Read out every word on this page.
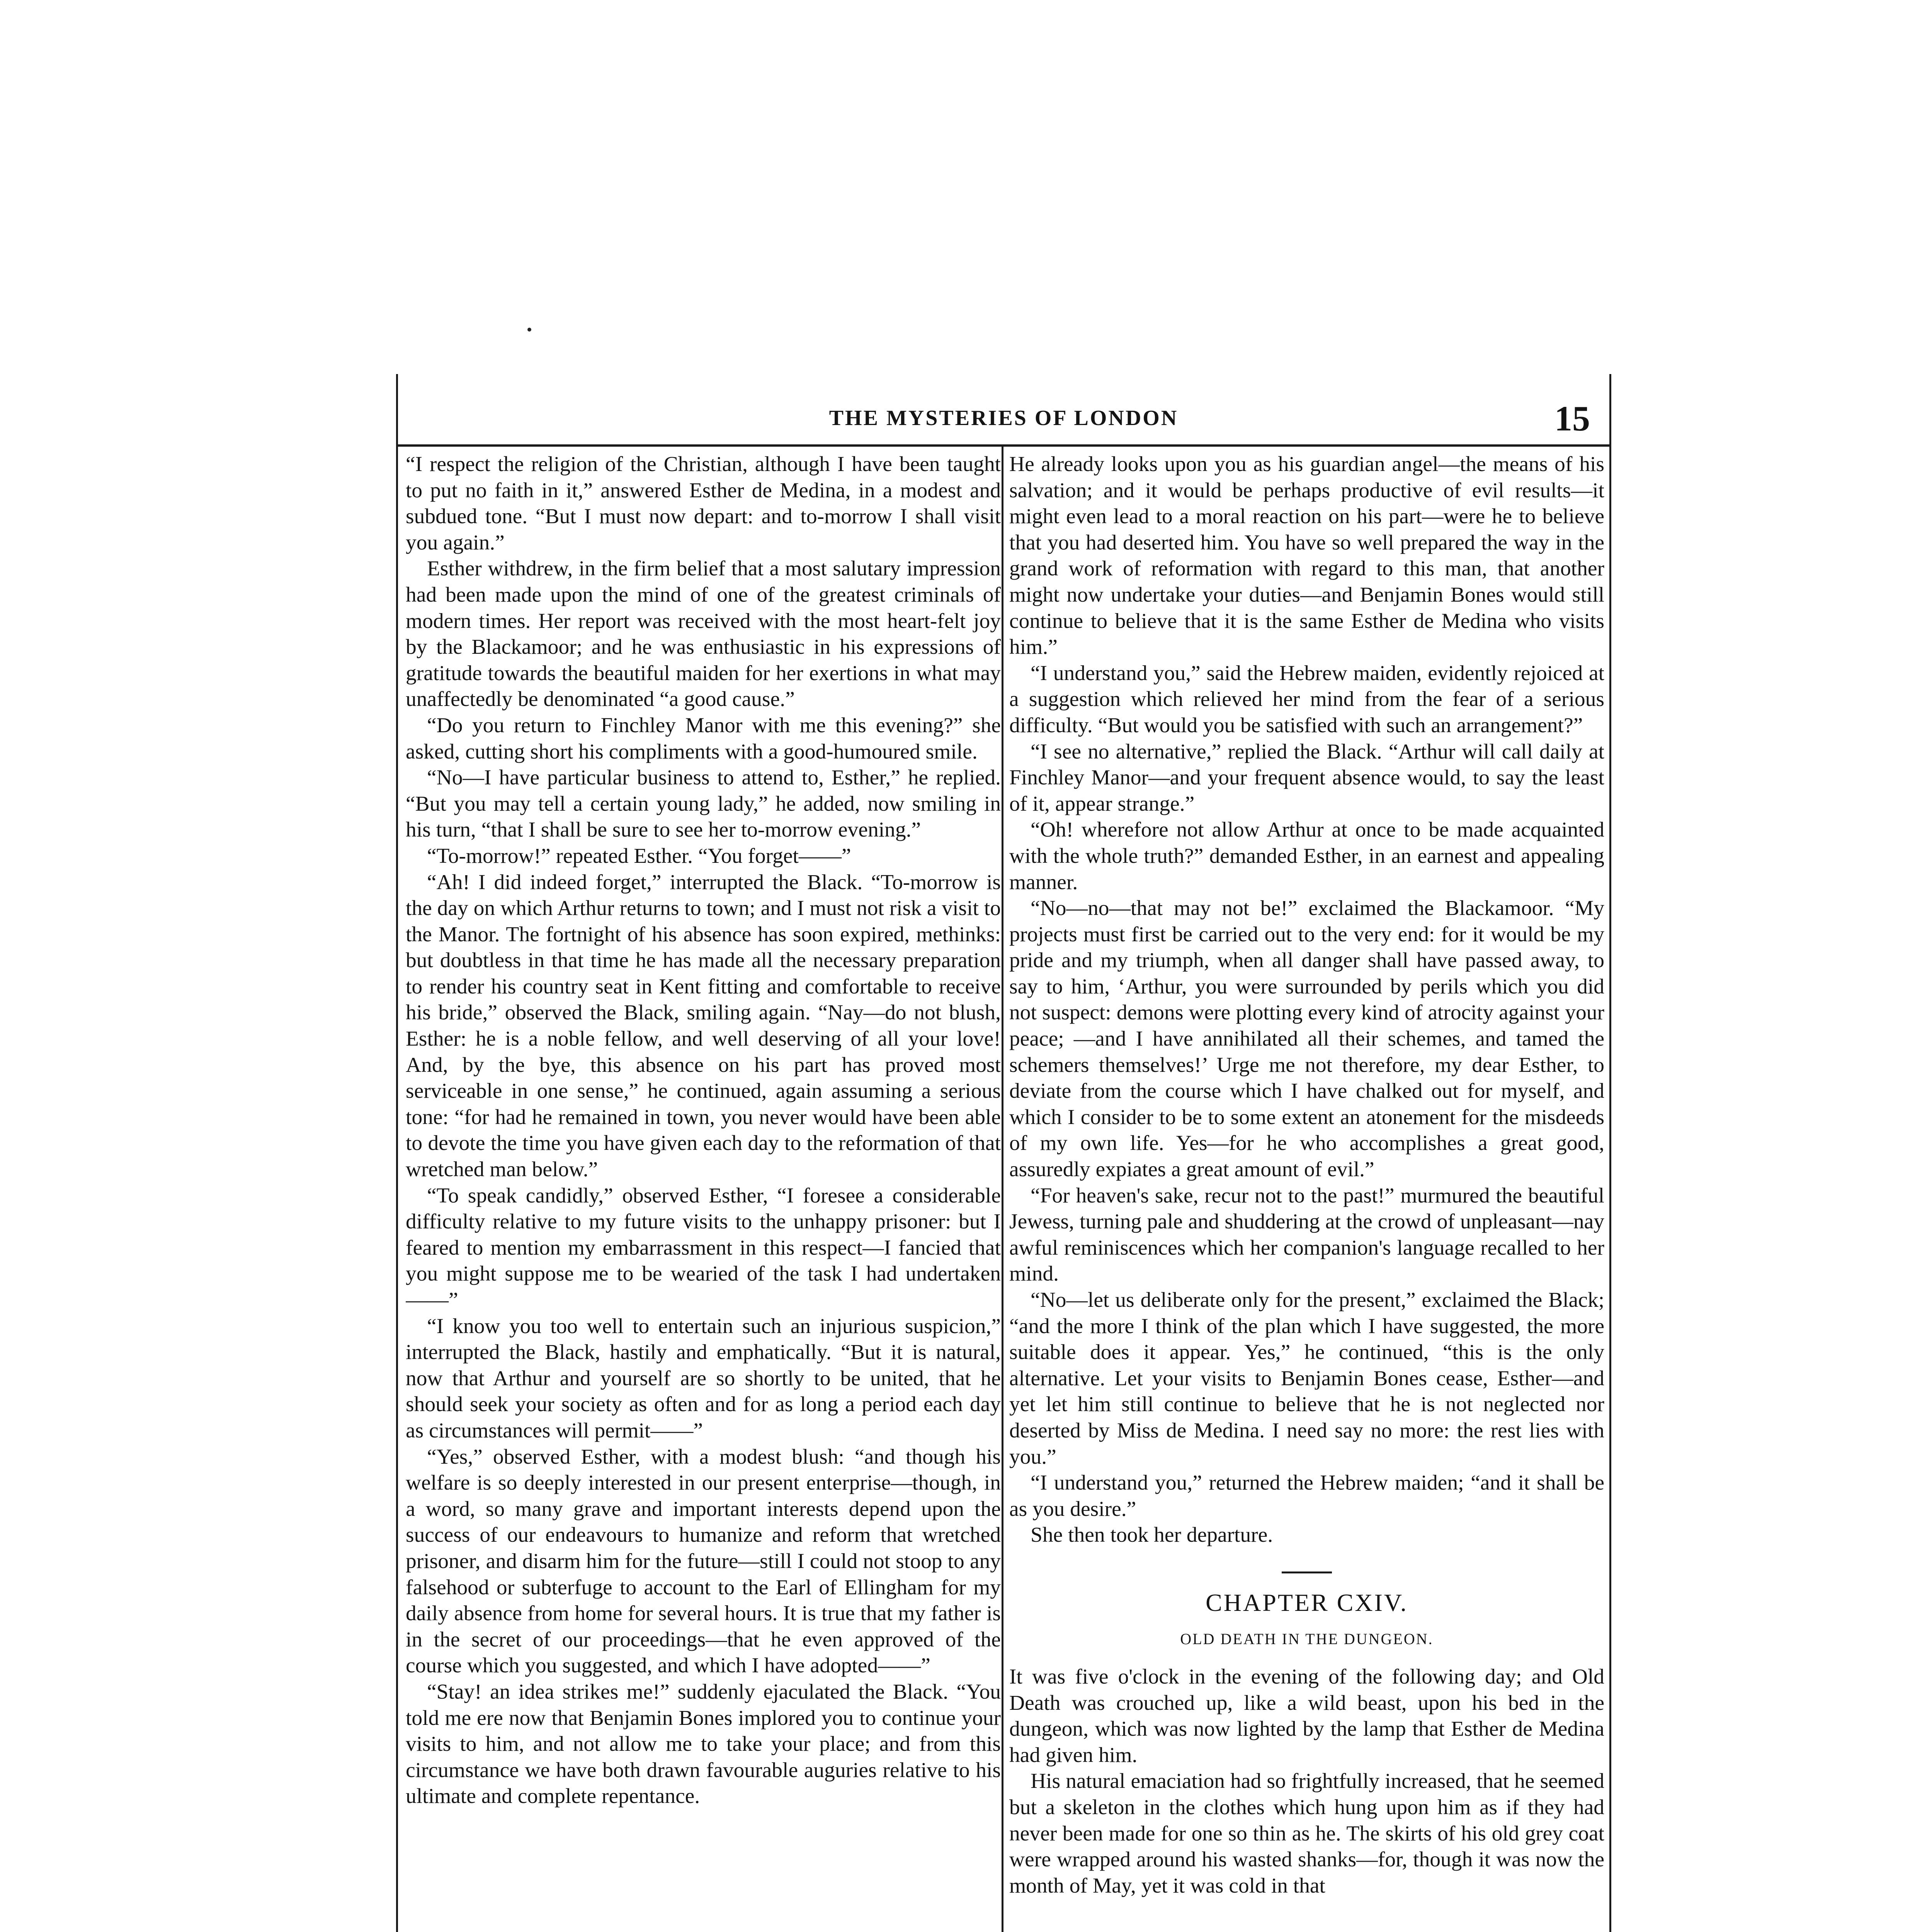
THE MYSTERIES OF LONDON	15

“I respect the religion of the Christian, although I have been taught to put no faith in it,” answered Esther de Medina, in a modest and subdued tone. “But I must now depart: and to-morrow I shall visit you again.”

Esther withdrew, in the firm belief that a most salutary impression had been made upon the mind of one of the greatest criminals of modern times. Her report was received with the most heart-felt joy by the Blackamoor; and he was enthusiastic in his expressions of gratitude towards the beautiful maiden for her exertions in what may unaffectedly be denominated “a good cause.”

“Do you return to Finchley Manor with me this evening?” she asked, cutting short his compliments with a good-humoured smile.

“No—I have particular business to attend to, Esther,” he replied. “But you may tell a certain young lady,” he added, now smiling in his turn, “that I shall be sure to see her to-morrow evening.”

“To-morrow!” repeated Esther. “You forget——”

“Ah! I did indeed forget,” interrupted the Black. “To-morrow is the day on which Arthur returns to town; and I must not risk a visit to the Manor. The fortnight of his absence has soon expired, methinks: but doubtless in that time he has made all the necessary preparation to render his country seat in Kent fitting and comfortable to receive his bride,” observed the Black, smiling again. “Nay—do not blush, Esther: he is a noble fellow, and well deserving of all your love! And, by the bye, this absence on his part has proved most serviceable in one sense,” he continued, again assuming a serious tone: “for had he remained in town, you never would have been able to devote the time you have given each day to the reformation of that wretched man below.”

“To speak candidly,” observed Esther, “I foresee a considerable difficulty relative to my future visits to the unhappy prisoner: but I feared to mention my embarrassment in this respect—I fancied that you might suppose me to be wearied of the task I had undertaken——”

“I know you too well to entertain such an injurious suspicion,” interrupted the Black, hastily and emphatically. “But it is natural, now that Arthur and yourself are so shortly to be united, that he should seek your society as often and for as long a period each day as circumstances will permit——”

“Yes,” observed Esther, with a modest blush: “and though his welfare is so deeply interested in our present enterprise—though, in a word, so many grave and important interests depend upon the success of our endeavours to humanize and reform that wretched prisoner, and disarm him for the future—still I could not stoop to any falsehood or subterfuge to account to the Earl of Ellingham for my daily absence from home for several hours. It is true that my father is in the secret of our proceedings—that he even approved of the course which you suggested, and which I have adopted——”

“Stay! an idea strikes me!” suddenly ejaculated the Black. “You told me ere now that Benjamin Bones implored you to continue your visits to him, and not allow me to take your place; and from this circumstance we have both drawn favourable auguries relative to his ultimate and complete repentance.

He already looks upon you as his guardian angel—the means of his salvation; and it would be perhaps productive of evil results—it might even lead to a moral reaction on his part—were he to believe that you had deserted him. You have so well prepared the way in the grand work of reformation with regard to this man, that another might now undertake your duties—and Benjamin Bones would still continue to believe that it is the same Esther de Medina who visits him.”

“I understand you,” said the Hebrew maiden, evidently rejoiced at a suggestion which relieved her mind from the fear of a serious difficulty. “But would you be satisfied with such an arrangement?”

“I see no alternative,” replied the Black. “Arthur will call daily at Finchley Manor—and your frequent absence would, to say the least of it, appear strange.”

“Oh! wherefore not allow Arthur at once to be made acquainted with the whole truth?” demanded Esther, in an earnest and appealing manner.

“No—no—that may not be!” exclaimed the Blackamoor. “My projects must first be carried out to the very end: for it would be my pride and my triumph, when all danger shall have passed away, to say to him, ‘Arthur, you were surrounded by perils which you did not suspect: demons were plotting every kind of atrocity against your peace; —and I have annihilated all their schemes, and tamed the schemers themselves!’ Urge me not therefore, my dear Esther, to deviate from the course which I have chalked out for myself, and which I consider to be to some extent an atonement for the misdeeds of my own life. Yes—for he who accomplishes a great good, assuredly expiates a great amount of evil.”

“For heaven's sake, recur not to the past!” murmured the beautiful Jewess, turning pale and shuddering at the crowd of unpleasant—nay awful reminiscences which her companion's language recalled to her mind.

“No—let us deliberate only for the present,” exclaimed the Black; “and the more I think of the plan which I have suggested, the more suitable does it appear. Yes,” he continued, “this is the only alternative. Let your visits to Benjamin Bones cease, Esther—and yet let him still continue to believe that he is not neglected nor deserted by Miss de Medina. I need say no more: the rest lies with you.”

“I understand you,” returned the Hebrew maiden; “and it shall be as you desire.”

She then took her departure.

CHAPTER CXIV.
OLD DEATH IN THE DUNGEON.

It was five o'clock in the evening of the following day; and Old Death was crouched up, like a wild beast, upon his bed in the dungeon, which was now lighted by the lamp that Esther de Medina had given him.

His natural emaciation had so frightfully increased, that he seemed but a skeleton in the clothes which hung upon him as if they had never been made for one so thin as he. The skirts of his old grey coat were wrapped around his wasted shanks—for, though it was now the month of May, yet it was cold in that
